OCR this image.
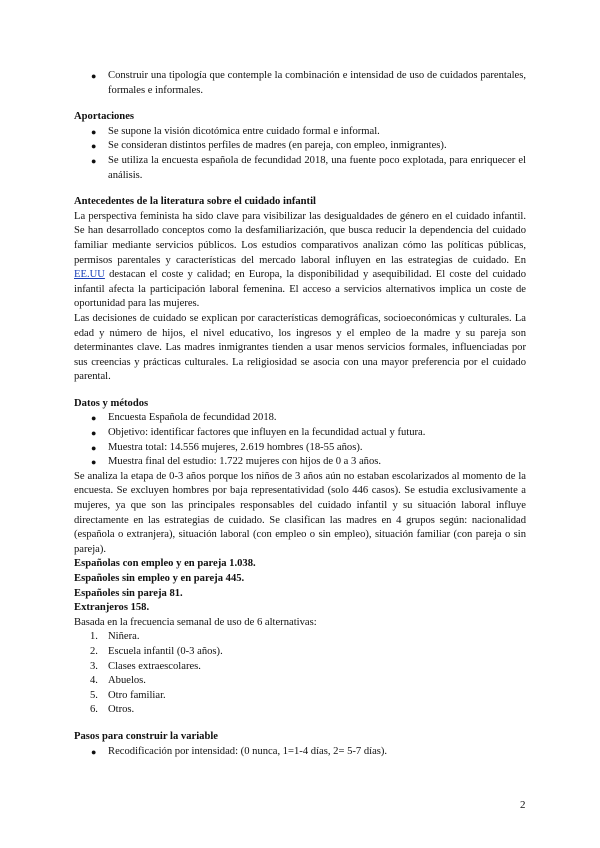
● Construir una tipología que contemple la combinación e intensidad de uso de cuidados parentales, formales e informales.
Aportaciones
● Se supone la visión dicotómica entre cuidado formal e informal.
● Se consideran distintos perfiles de madres (en pareja, con empleo, inmigrantes).
● Se utiliza la encuesta española de fecundidad 2018, una fuente poco explotada, para enriquecer el análisis.
Antecedentes de la literatura sobre el cuidado infantil

La perspectiva feminista ha sido clave para visibilizar las desigualdades de género en el cuidado infantil. Se han desarrollado conceptos como la desfamiliarización, que busca reducir la dependencia del cuidado familiar mediante servicios públicos. Los estudios comparativos analizan cómo las políticas públicas, permisos parentales y características del mercado laboral influyen en las estrategias de cuidado. En EE.UU destacan el coste y calidad; en Europa, la disponibilidad y asequibilidad. El coste del cuidado infantil afecta la participación laboral femenina. El acceso a servicios alternativos implica un coste de oportunidad para las mujeres.

Las decisiones de cuidado se explican por características demográficas, socioeconómicas y culturales. La edad y número de hijos, el nivel educativo, los ingresos y el empleo de la madre y su pareja son determinantes clave. Las madres inmigrantes tienden a usar menos servicios formales, influenciadas por sus creencias y prácticas culturales. La religiosidad se asocia con una mayor preferencia por el cuidado parental.

Datos y métodos
● Encuesta Española de fecundidad 2018.
● Objetivo: identificar factores que influyen en la fecundidad actual y futura.
● Muestra total: 14.556 mujeres, 2.619 hombres (18-55 años).
● Muestra final del estudio: 1.722 mujeres con hijos de 0 a 3 años.

Se analiza la etapa de 0-3 años porque los niños de 3 años aún no estaban escolarizados al momento de la encuesta. Se excluyen hombres por baja representatividad (solo 446 casos). Se estudia exclusivamente a mujeres, ya que son las principales responsables del cuidado infantil y su situación laboral influye directamente en las estrategias de cuidado. Se clasifican las madres en 4 grupos según: nacionalidad (española o extranjera), situación laboral (con empleo o sin empleo), situación familiar (con pareja o sin pareja).

Españolas con empleo y en pareja 1.038.
Españoles sin empleo y en pareja 445.
Españoles sin pareja 81.
Extranjeros 158.
Basada en la frecuencia semanal de uso de 6 alternativas:
1. Niñera.
2. Escuela infantil (0-3 años).
3. Clases extraescolares.
4. Abuelos.
5. Otro familiar.
6. Otros.
Pasos para construir la variable
● Recodificación por intensidad: (0 nunca, 1=1-4 días, 2= 5-7 días).
2
